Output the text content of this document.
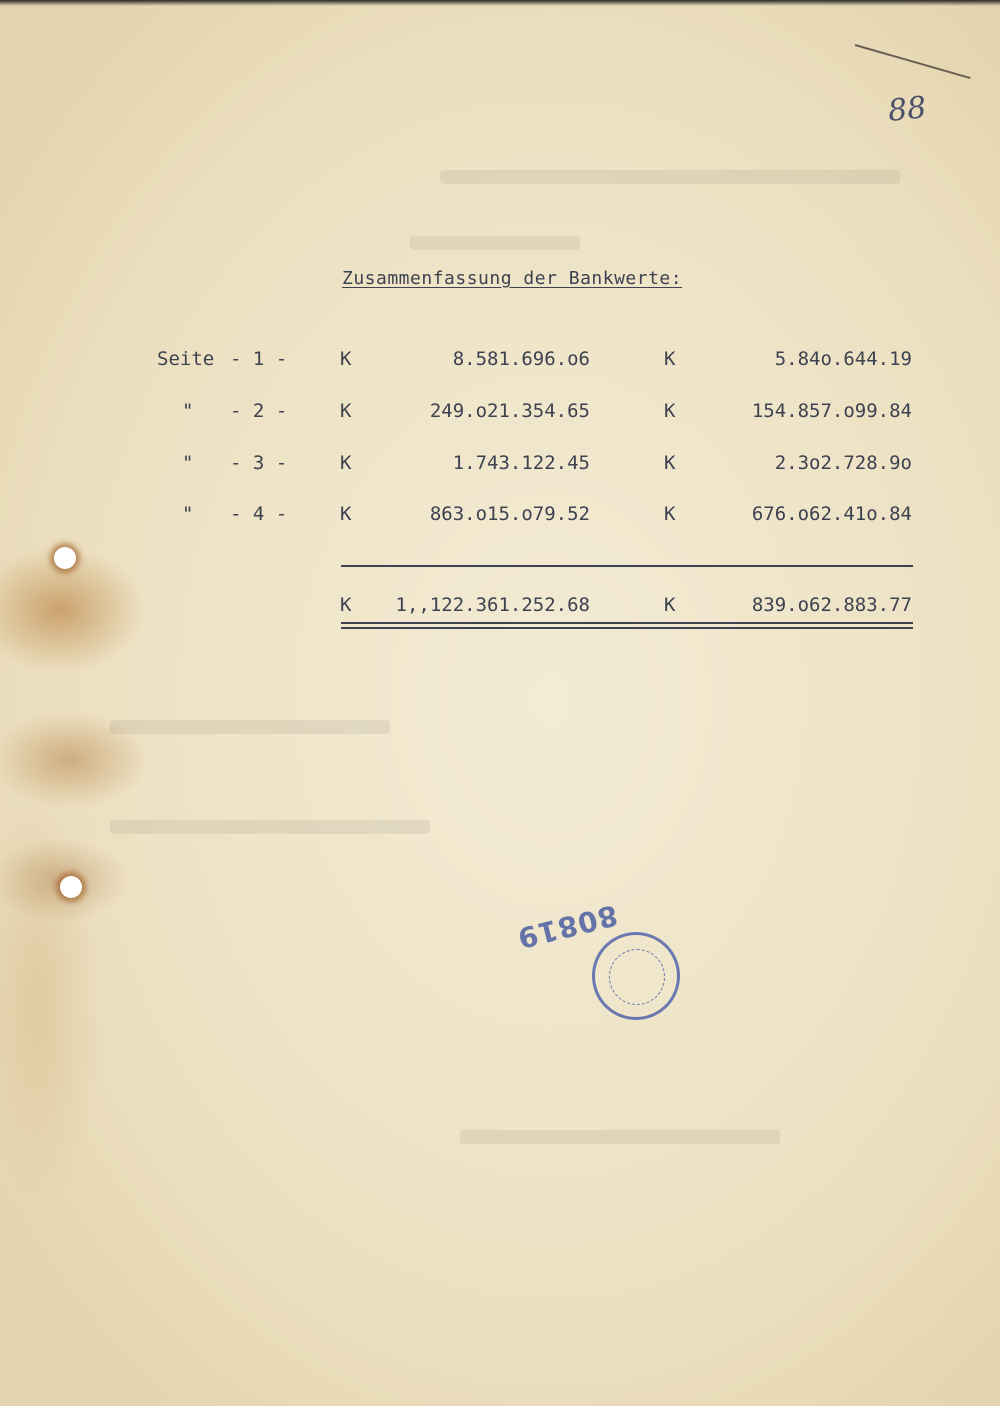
88
Zusammenfassung der Bankwerte:
Seite - 1 -	K	8.581.696.o6	K	5.84o.644.19
" - 2 -	K	249.o21.354.65	K	154.857.o99.84
" - 3 -	K	1.743.122.45	K	2.3o2.728.9o
" - 4 -	K	863.o15.o79.52	K	676.o62.41o.84
K 1,,122.361.252.68	K	839.o62.883.77
80819
